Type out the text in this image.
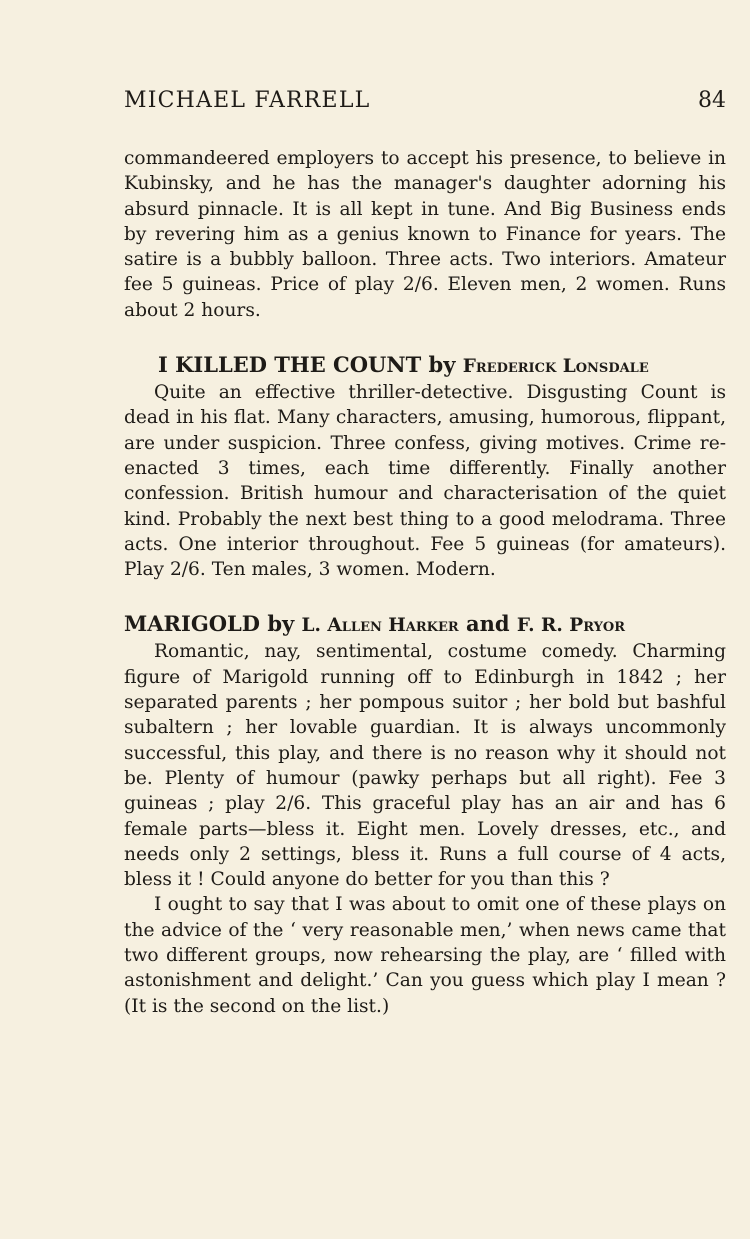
MICHAEL FARRELL	84

commandeered employers to accept his presence, to believe in Kubinsky, and he has the manager's daughter adorning his absurd pinnacle. It is all kept in tune. And Big Business ends by revering him as a genius known to Finance for years. The satire is a bubbly balloon. Three acts. Two interiors. Amateur fee 5 guineas. Price of play 2/6. Eleven men, 2 women. Runs about 2 hours.

I KILLED THE COUNT by Frederick Lonsdale

Quite an effective thriller-detective. Disgusting Count is dead in his flat. Many characters, amusing, humorous, flippant, are under suspicion. Three confess, giving motives. Crime re-enacted 3 times, each time differently. Finally another confession. British humour and characterisation of the quiet kind. Probably the next best thing to a good melodrama. Three acts. One interior throughout. Fee 5 guineas (for amateurs). Play 2/6. Ten males, 3 women. Modern.

MARIGOLD by L. Allen Harker and F. R. Pryor

Romantic, nay, sentimental, costume comedy. Charming figure of Marigold running off to Edinburgh in 1842 ; her separated parents ; her pompous suitor ; her bold but bashful subaltern ; her lovable guardian. It is always uncommonly successful, this play, and there is no reason why it should not be. Plenty of humour (pawky perhaps but all right). Fee 3 guineas ; play 2/6. This graceful play has an air and has 6 female parts—bless it. Eight men. Lovely dresses, etc., and needs only 2 settings, bless it. Runs a full course of 4 acts, bless it ! Could anyone do better for you than this ?

I ought to say that I was about to omit one of these plays on the advice of the ‘ very reasonable men,’ when news came that two different groups, now rehearsing the play, are ‘ filled with astonishment and delight.’ Can you guess which play I mean ? (It is the second on the list.)
